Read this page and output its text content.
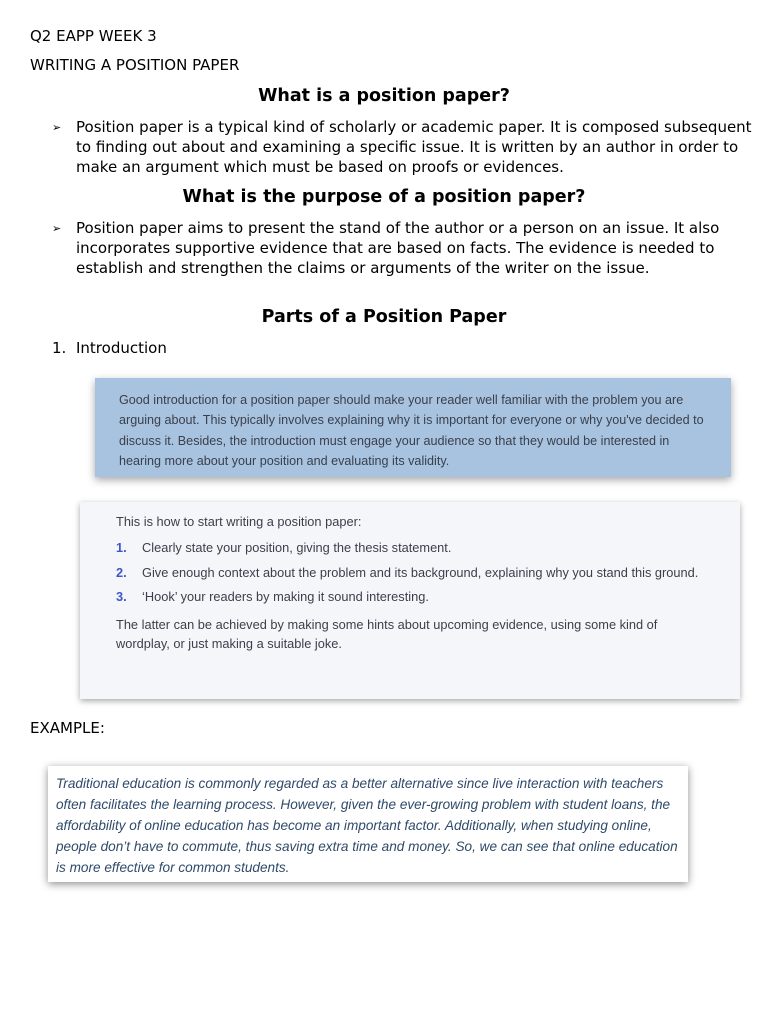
Q2 EAPP WEEK 3
WRITING A POSITION PAPER
What is a position paper?
➢ Position paper is a typical kind of scholarly or academic paper. It is composed subsequent to finding out about and examining a specific issue. It is written by an author in order to make an argument which must be based on proofs or evidences.
What is the purpose of a position paper?
➢ Position paper aims to present the stand of the author or a person on an issue. It also incorporates supportive evidence that are based on facts. The evidence is needed to establish and strengthen the claims or arguments of the writer on the issue.
Parts of a Position Paper
1. Introduction
Good introduction for a position paper should make your reader well familiar with the problem you are arguing about. This typically involves explaining why it is important for everyone or why you've decided to discuss it. Besides, the introduction must engage your audience so that they would be interested in hearing more about your position and evaluating its validity.
This is how to start writing a position paper:
1. Clearly state your position, giving the thesis statement.
2. Give enough context about the problem and its background, explaining why you stand this ground.
3. ‘Hook’ your readers by making it sound interesting.
The latter can be achieved by making some hints about upcoming evidence, using some kind of wordplay, or just making a suitable joke.
EXAMPLE:
Traditional education is commonly regarded as a better alternative since live interaction with teachers often facilitates the learning process. However, given the ever-growing problem with student loans, the affordability of online education has become an important factor. Additionally, when studying online, people don’t have to commute, thus saving extra time and money. So, we can see that online education is more effective for common students.
